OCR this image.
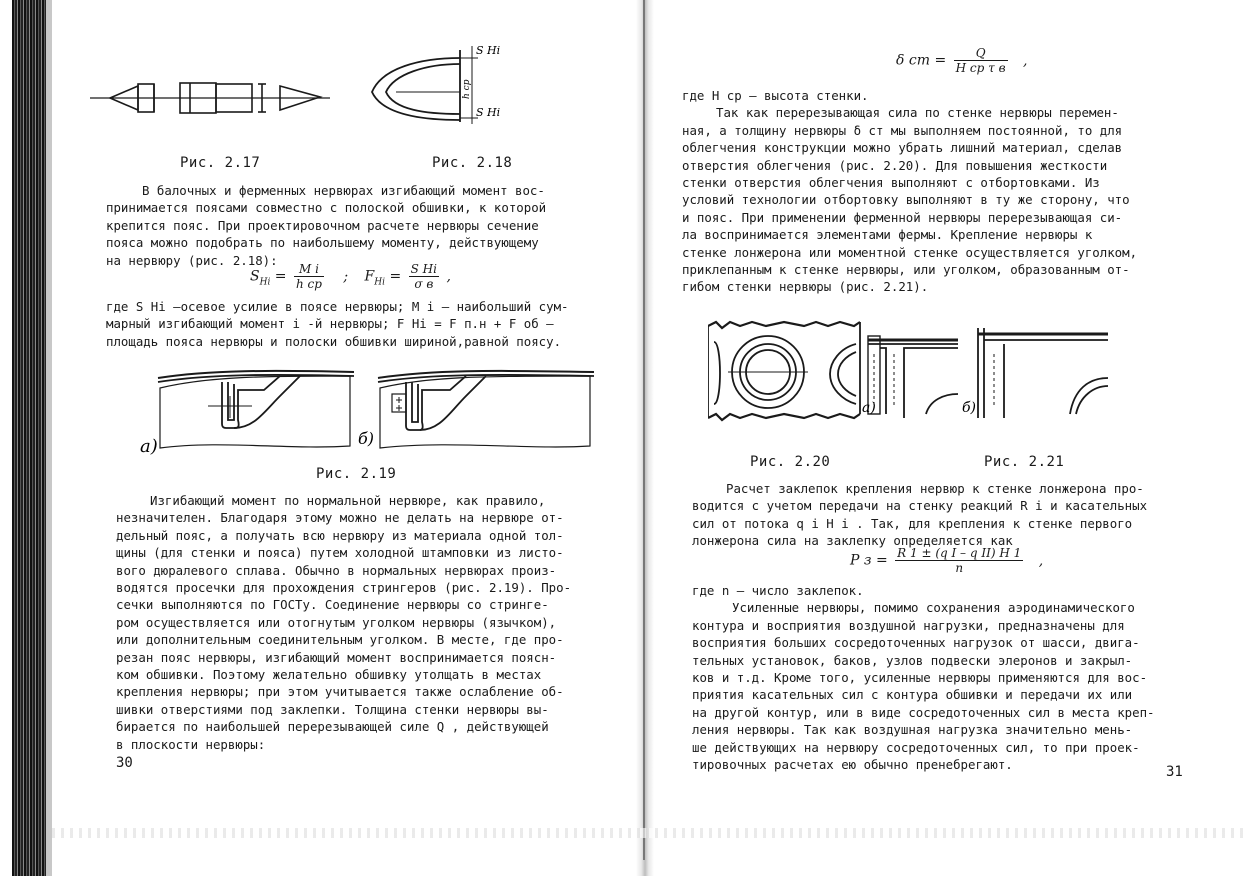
Рис. 2.17
S Hi
h ср
S Hi
Рис. 2.18
В балочных и ферменных нервюрах изгибающий момент вос-
принимается поясами совместно с полоской обшивки, к которой
крепится пояс. При проектировочном расчете нервюры сечение
пояса можно подобрать по наибольшему моменту, действующему
на нервюру (рис. 2.18):
$S_{Hi} = \frac{\text{M i}}{\text{h ср}}$ ; $F_{Hi} = \frac{\text{S Hi}}{\text{σ в}}$ ,
где S Hi –осевое усилие в поясе нервюры; M i – наибольший сум-
марный изгибающий момент i -й нервюры; F Hi = F п.н + F об –
площадь пояса нервюры и полоски обшивки шириной,равной поясу.
а)	б)
Рис. 2.19
Изгибающий момент по нормальной нервюре, как правило,
незначителен. Благодаря этому можно не делать на нервюре от-
дельный пояс, а получать всю нервюру из материала одной тол-
щины (для стенки и пояса) путем холодной штамповки из листо-
вого дюралевого сплава. Обычно в нормальных нервюрах произ-
водятся просечки для прохождения стрингеров (рис. 2.19). Про-
сечки выполняются по ГОСТу. Соединение нервюры со стринге-
ром осуществляется или отогнутым уголком нервюры (язычком),
или дополнительным соединительным уголком. В месте, где про-
резан пояс нервюры, изгибающий момент воспринимается поясн-
ком обшивки. Поэтому желательно обшивку утолщать в местах
крепления нервюры; при этом учитывается также ослабление об-
шивки отверстиями под заклепки. Толщина стенки нервюры вы-
бирается по наибольшей перерезывающей силе Q , действующей
в плоскости нервюры:
30
δ ст = $\frac{Q}{\text{H ср τ в}}$ ,
где H ср – высота стенки.
Так как перерезывающая сила по стенке нервюры перемен-
ная, а толщину нервюры δ ст мы выполняем постоянной, то для
облегчения конструкции можно убрать лишний материал, сделав
отверстия облегчения (рис. 2.20). Для повышения жесткости
стенки отверстия облегчения выполняют с отбортовками. Из
условий технологии отбортовку выполняют в ту же сторону, что
и пояс. При применении ферменной нервюры перерезывающая си-
ла воспринимается элементами фермы. Крепление нервюры к
стенке лонжерона или моментной стенке осуществляется уголком,
приклепанным к стенке нервюры, или уголком, образованным от-
гибом стенки нервюры (рис. 2.21).
а)	б)
Рис. 2.20	Рис. 2.21
Расчет заклепок крепления нервюр к стенке лонжерона про-
водится с учетом передачи на стенку реакций R i и касательных
сил от потока q i H i . Так, для крепления к стенке первого
лонжерона сила на заклепку определяется как
P $з = \frac{\text{R 1 ± (q I – q II) H 1}}{n}$ ,
где n – число заклепок.
Усиленные нервюры, помимо сохранения аэродинамического
контура и восприятия воздушной нагрузки, предназначены для
восприятия больших сосредоточенных нагрузок от шасси, двига-
тельных установок, баков, узлов подвески элеронов и закрыл-
ков и т.д. Кроме того, усиленные нервюры применяются для вос-
приятия касательных сил с контура обшивки и передачи их или
на другой контур, или в виде сосредоточенных сил в места креп-
ления нервюры. Так как воздушная нагрузка значительно мень-
ше действующих на нервюру сосредоточенных сил, то при проек-
тировочных расчетах ею обычно пренебрегают.	31
